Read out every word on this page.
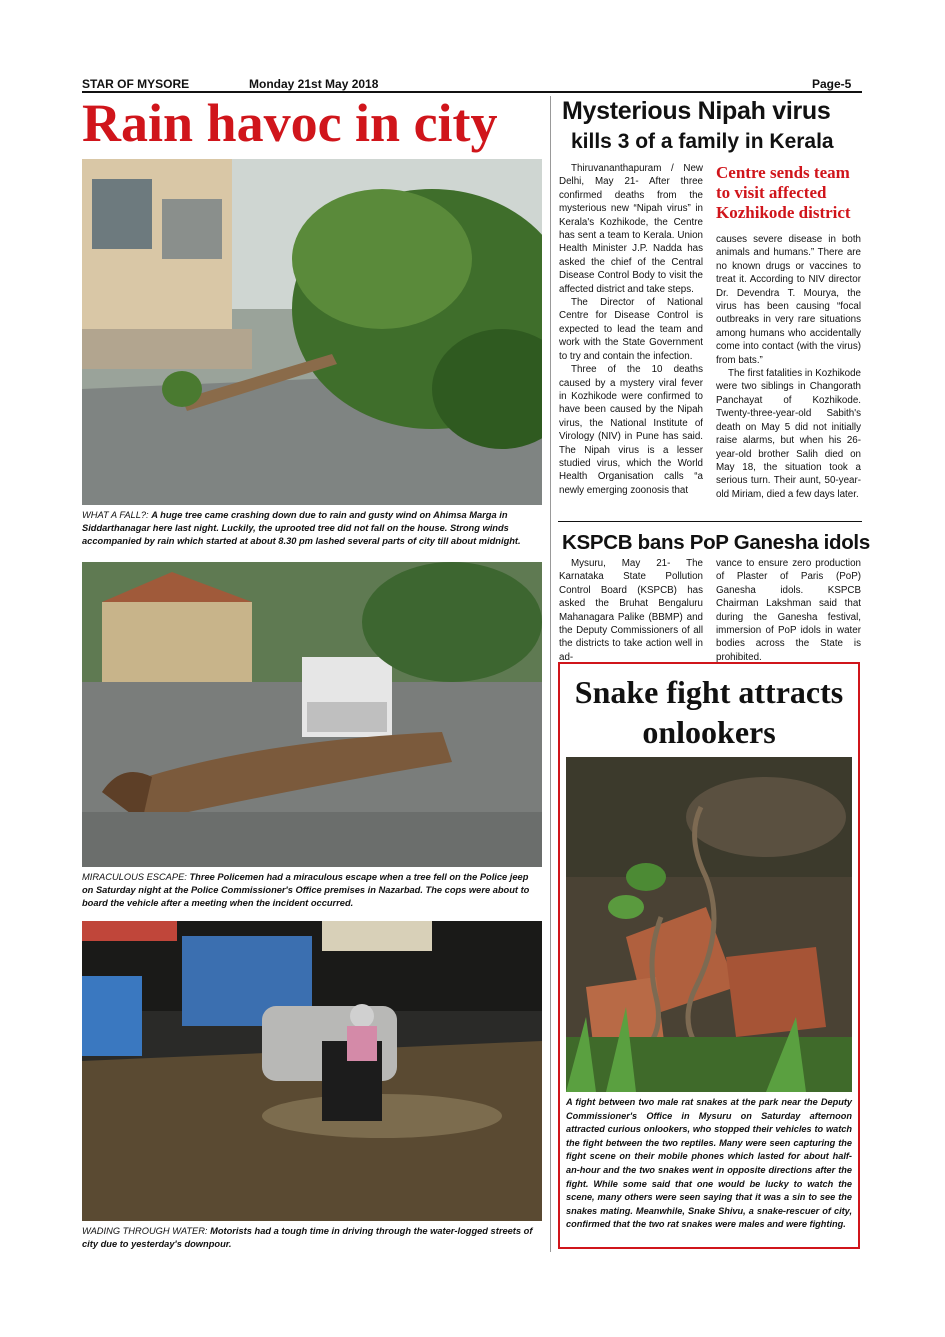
STAR OF MYSORE	Monday 21st May 2018	Page-5
Rain havoc in city
WHAT A FALL?: A huge tree came crashing down due to rain and gusty wind on Ahimsa Marga in Siddarthanagar here last night. Luckily, the uprooted tree did not fall on the house. Strong winds accompanied by rain which started at about 8.30 pm lashed several parts of city till about midnight.
MIRACULOUS ESCAPE: Three Policemen had a miraculous escape when a tree fell on the Police jeep on Saturday night at the Police Commissioner's Office premises in Nazarbad. The cops were about to board the vehicle after a meeting when the incident occurred.
WADING THROUGH WATER: Motorists had a tough time in driving through the water-logged streets of city due to yesterday's downpour.
Mysterious Nipah virus
kills 3 of a family in Kerala

Thiruvananthapuram / New Delhi, May 21- After three confirmed deaths from the mysterious new “Nipah virus” in Kerala's Kozhikode, the Centre has sent a team to Kerala. Union Health Minister J.P. Nadda has asked the chief of the Central Disease Control Body to visit the affected district and take steps.

The Director of National Centre for Disease Control is expected to lead the team and work with the State Government to try and contain the infection.

Three of the 10 deaths caused by a mystery viral fever in Kozhikode were confirmed to have been caused by the Nipah virus, the National Institute of Virology (NIV) in Pune has said. The Nipah virus is a lesser studied virus, which the World Health Organisation calls “a newly emerging zoonosis that

Centre sends team to visit affected Kozhikode district

causes severe disease in both animals and humans.” There are no known drugs or vaccines to treat it. According to NIV director Dr. Devendra T. Mourya, the virus has been causing “focal outbreaks in very rare situations among humans who accidentally come into contact (with the virus) from bats.”

The first fatalities in Kozhikode were two siblings in Changorath Panchayat of Kozhikode. Twenty-three-year-old Sabith's death on May 5 did not initially raise alarms, but when his 26-year-old brother Salih died on May 18, the situation took a serious turn. Their aunt, 50-year-old Miriam, died a few days later.

KSPCB bans PoP Ganesha idols

Mysuru, May 21- The Karnataka State Pollution Control Board (KSPCB) has asked the Bruhat Bengaluru Mahanagara Palike (BBMP) and the Deputy Commissioners of all the districts to take action well in ad-

vance to ensure zero production of Plaster of Paris (PoP) Ganesha idols. KSPCB Chairman Lakshman said that during the Ganesha festival, immersion of PoP idols in water bodies across the State is prohibited.

Snake fight attracts
onlookers
A fight between two male rat snakes at the park near the Deputy Commissioner's Office in Mysuru on Saturday afternoon attracted curious onlookers, who stopped their vehicles to watch the fight between the two reptiles. Many were seen capturing the fight scene on their mobile phones which lasted for about half-an-hour and the two snakes went in opposite directions after the fight. While some said that one would be lucky to watch the scene, many others were seen saying that it was a sin to see the snakes mating. Meanwhile, Snake Shivu, a snake-rescuer of city, confirmed that the two rat snakes were males and were fighting.
